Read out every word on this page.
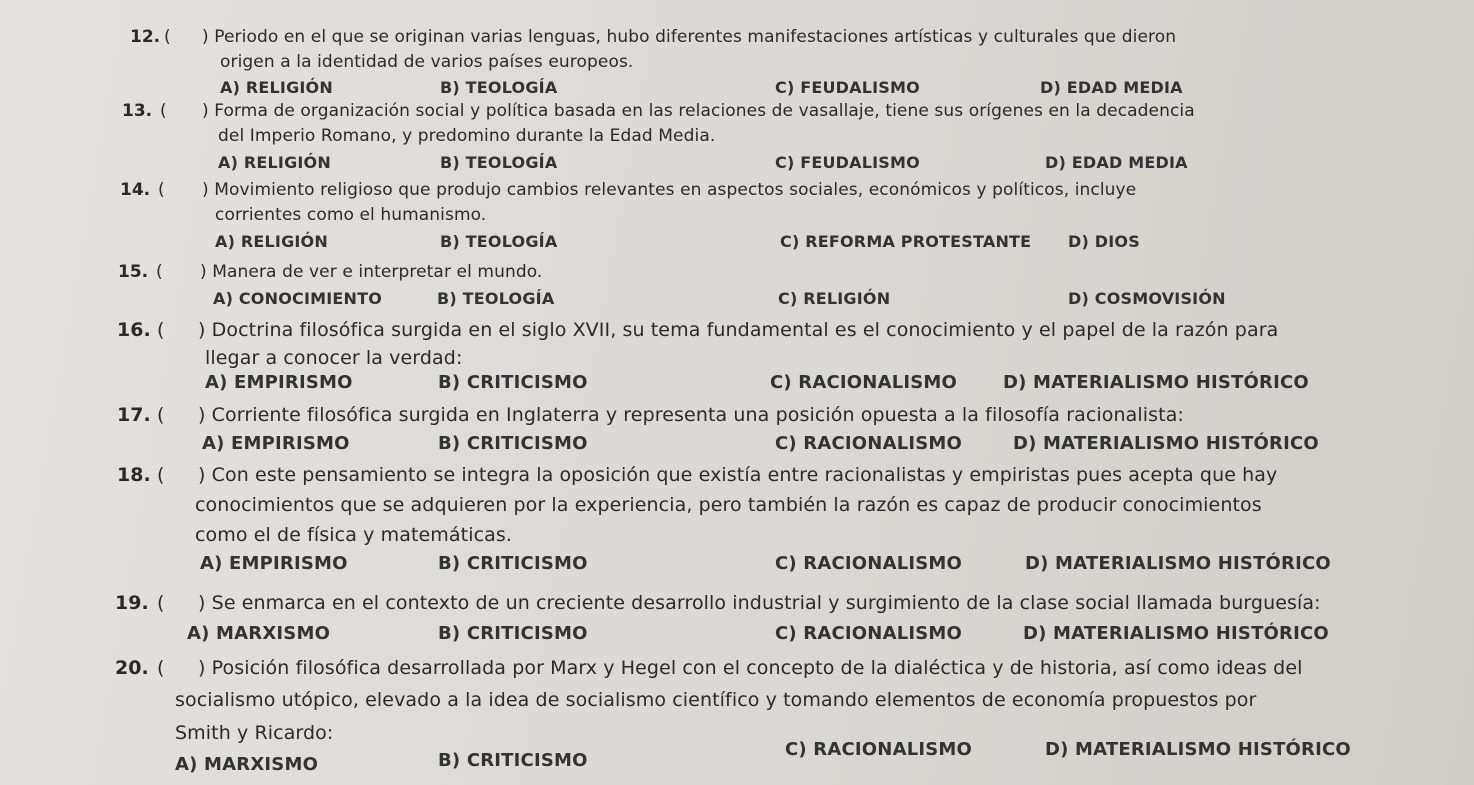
12. ( ) Periodo en el que se originan varias lenguas, hubo diferentes manifestaciones artísticas y culturales que dieron
origen a la identidad de varios países europeos.
A) RELIGIÓN	B) TEOLOGÍA	C) FEUDALISMO	D) EDAD MEDIA
13. ( ) Forma de organización social y política basada en las relaciones de vasallaje, tiene sus orígenes en la decadencia
del Imperio Romano, y predomino durante la Edad Media.
A) RELIGIÓN	B) TEOLOGÍA	C) FEUDALISMO	D) EDAD MEDIA
14. ( ) Movimiento religioso que produjo cambios relevantes en aspectos sociales, económicos y políticos, incluye
corrientes como el humanismo.
A) RELIGIÓN	B) TEOLOGÍA	C) REFORMA PROTESTANTE D) DIOS
15. ( ) Manera de ver e interpretar el mundo.
A) CONOCIMIENTO	B) TEOLOGÍA	C) RELIGIÓN	D) COSMOVISIÓN
16. ( ) Doctrina filosófica surgida en el siglo XVII, su tema fundamental es el conocimiento y el papel de la razón para
llegar a conocer la verdad:
A) EMPIRISMO	B) CRITICISMO	C) RACIONALISMO	D) MATERIALISMO HISTÓRICO
17. ( ) Corriente filosófica surgida en Inglaterra y representa una posición opuesta a la filosofía racionalista:
A) EMPIRISMO	B) CRITICISMO	C) RACIONALISMO	D) MATERIALISMO HISTÓRICO
18. ( ) Con este pensamiento se integra la oposición que existía entre racionalistas y empiristas pues acepta que hay
conocimientos que se adquieren por la experiencia, pero también la razón es capaz de producir conocimientos
como el de física y matemáticas.
A) EMPIRISMO	B) CRITICISMO	C) RACIONALISMO	D) MATERIALISMO HISTÓRICO
19. ( ) Se enmarca en el contexto de un creciente desarrollo industrial y surgimiento de la clase social llamada burguesía:
A) MARXISMO	B) CRITICISMO	C) RACIONALISMO	D) MATERIALISMO HISTÓRICO
20. ( ) Posición filosófica desarrollada por Marx y Hegel con el concepto de la dialéctica y de historia, así como ideas del
socialismo utópico, elevado a la idea de socialismo científico y tomando elementos de economía propuestos por
Smith y Ricardo:
A) MARXISMO	B) CRITICISMO
C) RACIONALISMO	D) MATERIALISMO HISTÓRICO
